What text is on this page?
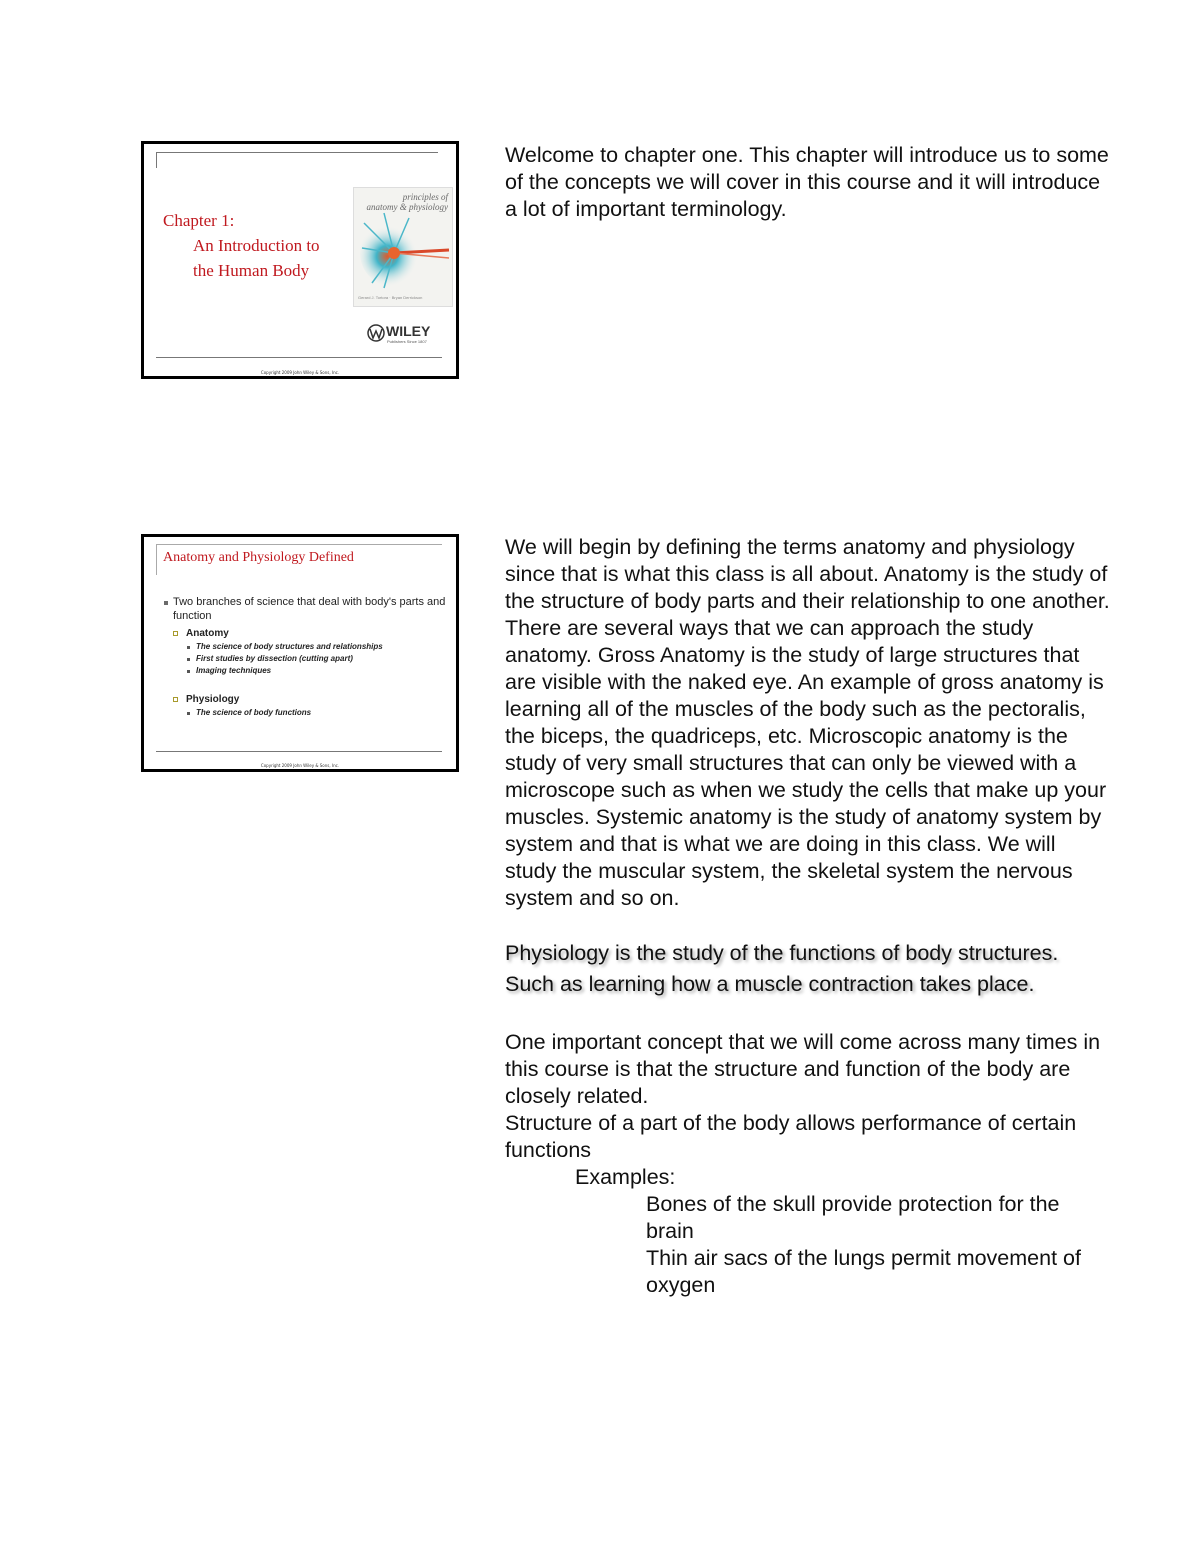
Chapter 1:
An Introduction to
the Human Body
principles of
anatomy & physiology
Gerard J. Tortora · Bryan Derrickson
WILEY
Publishers Since 1807
Copyright 2009 John Wiley & Sons, Inc.

Welcome to chapter one. This chapter will introduce us to some of the concepts we will cover in this course and it will introduce a lot of important terminology.

Anatomy and Physiology Defined
Two branches of science that deal with body's parts and function
Anatomy
The science of body structures and relationships
First studies by dissection (cutting apart)
Imaging techniques
Physiology
The science of body functions
Copyright 2009 John Wiley & Sons, Inc.

We will begin by defining the terms anatomy and physiology since that is what this class is all about. Anatomy is the study of the structure of body parts and their relationship to one another. There are several ways that we can approach the study anatomy. Gross Anatomy is the study of large structures that are visible with the naked eye. An example of gross anatomy is learning all of the muscles of the body such as the pectoralis, the biceps, the quadriceps, etc. Microscopic anatomy is the study of very small structures that can only be viewed with a microscope such as when we study the cells that make up your muscles. Systemic anatomy is the study of anatomy system by system and that is what we are doing in this class. We will study the muscular system, the skeletal system the nervous system and so on.

Physiology is the study of the functions of body structures. Such as learning how a muscle contraction takes place.

One important concept that we will come across many times in this course is that the structure and function of the body are closely related.

Structure of a part of the body allows performance of certain functions

Examples:

Bones of the skull provide protection for the brain

Thin air sacs of the lungs permit movement of oxygen
